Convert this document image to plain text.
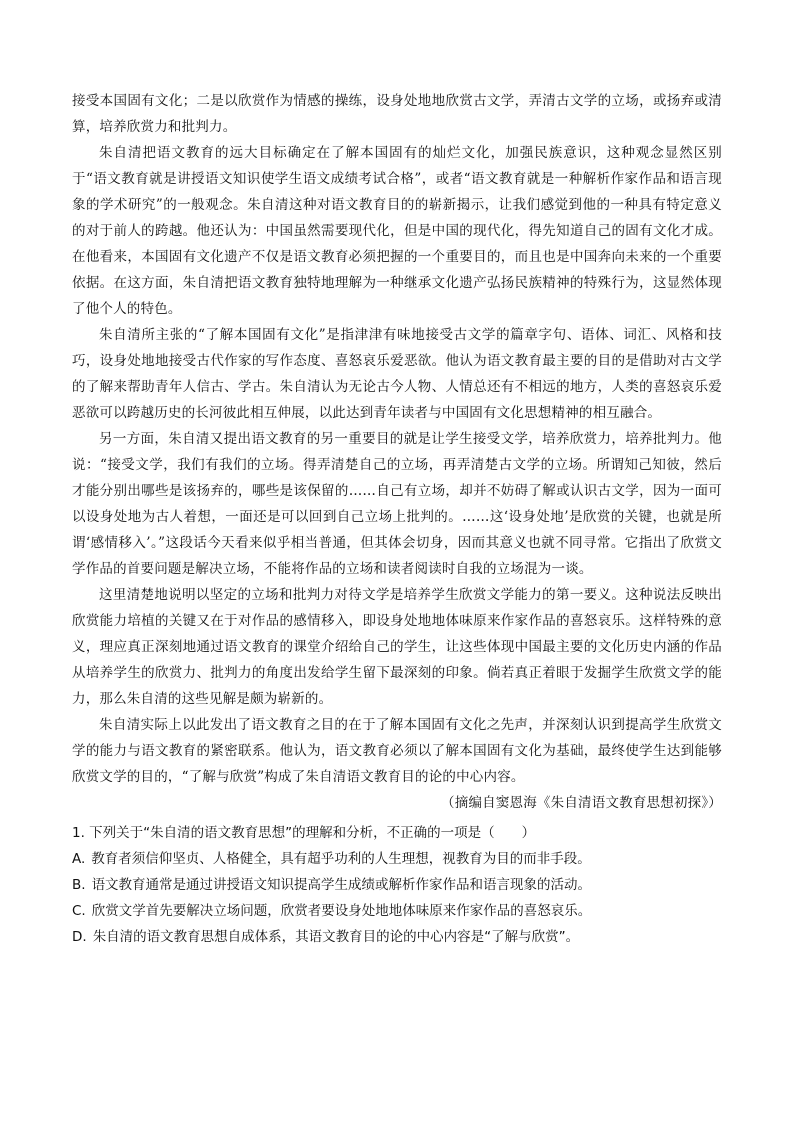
接受本国固有文化；二是以欣赏作为情感的操练，设身处地地欣赏古文学，弄清古文学的立场，或扬弃或清算，培养欣赏力和批判力。

朱自清把语文教育的远大目标确定在了解本国固有的灿烂文化，加强民族意识，这种观念显然区别于“语文教育就是讲授语文知识使学生语文成绩考试合格”，或者“语文教育就是一种解析作家作品和语言现象的学术研究”的一般观念。朱自清这种对语文教育目的的崭新揭示，让我们感觉到他的一种具有特定意义的对于前人的跨越。他还认为：中国虽然需要现代化，但是中国的现代化，得先知道自己的固有文化才成。在他看来，本国固有文化遗产不仅是语文教育必须把握的一个重要目的，而且也是中国奔向未来的一个重要依据。在这方面，朱自清把语文教育独特地理解为一种继承文化遗产弘扬民族精神的特殊行为，这显然体现了他个人的特色。

朱自清所主张的“了解本国固有文化”是指津津有味地接受古文学的篇章字句、语体、词汇、风格和技巧，设身处地地接受古代作家的写作态度、喜怒哀乐爱恶欲。他认为语文教育最主要的目的是借助对古文学的了解来帮助青年人信古、学古。朱自清认为无论古今人物、人情总还有不相远的地方，人类的喜怒哀乐爱恶欲可以跨越历史的长河彼此相互伸展，以此达到青年读者与中国固有文化思想精神的相互融合。

另一方面，朱自清又提出语文教育的另一重要目的就是让学生接受文学，培养欣赏力，培养批判力。他说：“接受文学，我们有我们的立场。得弄清楚自己的立场，再弄清楚古文学的立场。所谓知己知彼，然后才能分别出哪些是该扬弃的，哪些是该保留的……自己有立场，却并不妨碍了解或认识古文学，因为一面可以设身处地为古人着想，一面还是可以回到自己立场上批判的。……这‘设身处地’是欣赏的关键，也就是所谓‘感情移入’。”这段话今天看来似乎相当普通，但其体会切身，因而其意义也就不同寻常。它指出了欣赏文学作品的首要问题是解决立场，不能将作品的立场和读者阅读时自我的立场混为一谈。

这里清楚地说明以坚定的立场和批判力对待文学是培养学生欣赏文学能力的第一要义。这种说法反映出欣赏能力培植的关键又在于对作品的感情移入，即设身处地地体味原来作家作品的喜怒哀乐。这样特殊的意义，理应真正深刻地通过语文教育的课堂介绍给自己的学生，让这些体现中国最主要的文化历史内涵的作品从培养学生的欣赏力、批判力的角度出发给学生留下最深刻的印象。倘若真正着眼于发掘学生欣赏文学的能力，那么朱自清的这些见解是颇为崭新的。

朱自清实际上以此发出了语文教育之目的在于了解本国固有文化之先声，并深刻认识到提高学生欣赏文学的能力与语文教育的紧密联系。他认为，语文教育必须以了解本国固有文化为基础，最终使学生达到能够欣赏文学的目的，“了解与欣赏”构成了朱自清语文教育目的论的中心内容。

（摘编自窦恩海《朱自清语文教育思想初探》）

1. 下列关于“朱自清的语文教育思想”的理解和分析，不正确的一项是（　　）
A. 教育者须信仰坚贞、人格健全，具有超乎功利的人生理想，视教育为目的而非手段。
B. 语文教育通常是通过讲授语文知识提高学生成绩或解析作家作品和语言现象的活动。
C. 欣赏文学首先要解决立场问题，欣赏者要设身处地地体味原来作家作品的喜怒哀乐。
D. 朱自清的语文教育思想自成体系，其语文教育目的论的中心内容是“了解与欣赏”。
